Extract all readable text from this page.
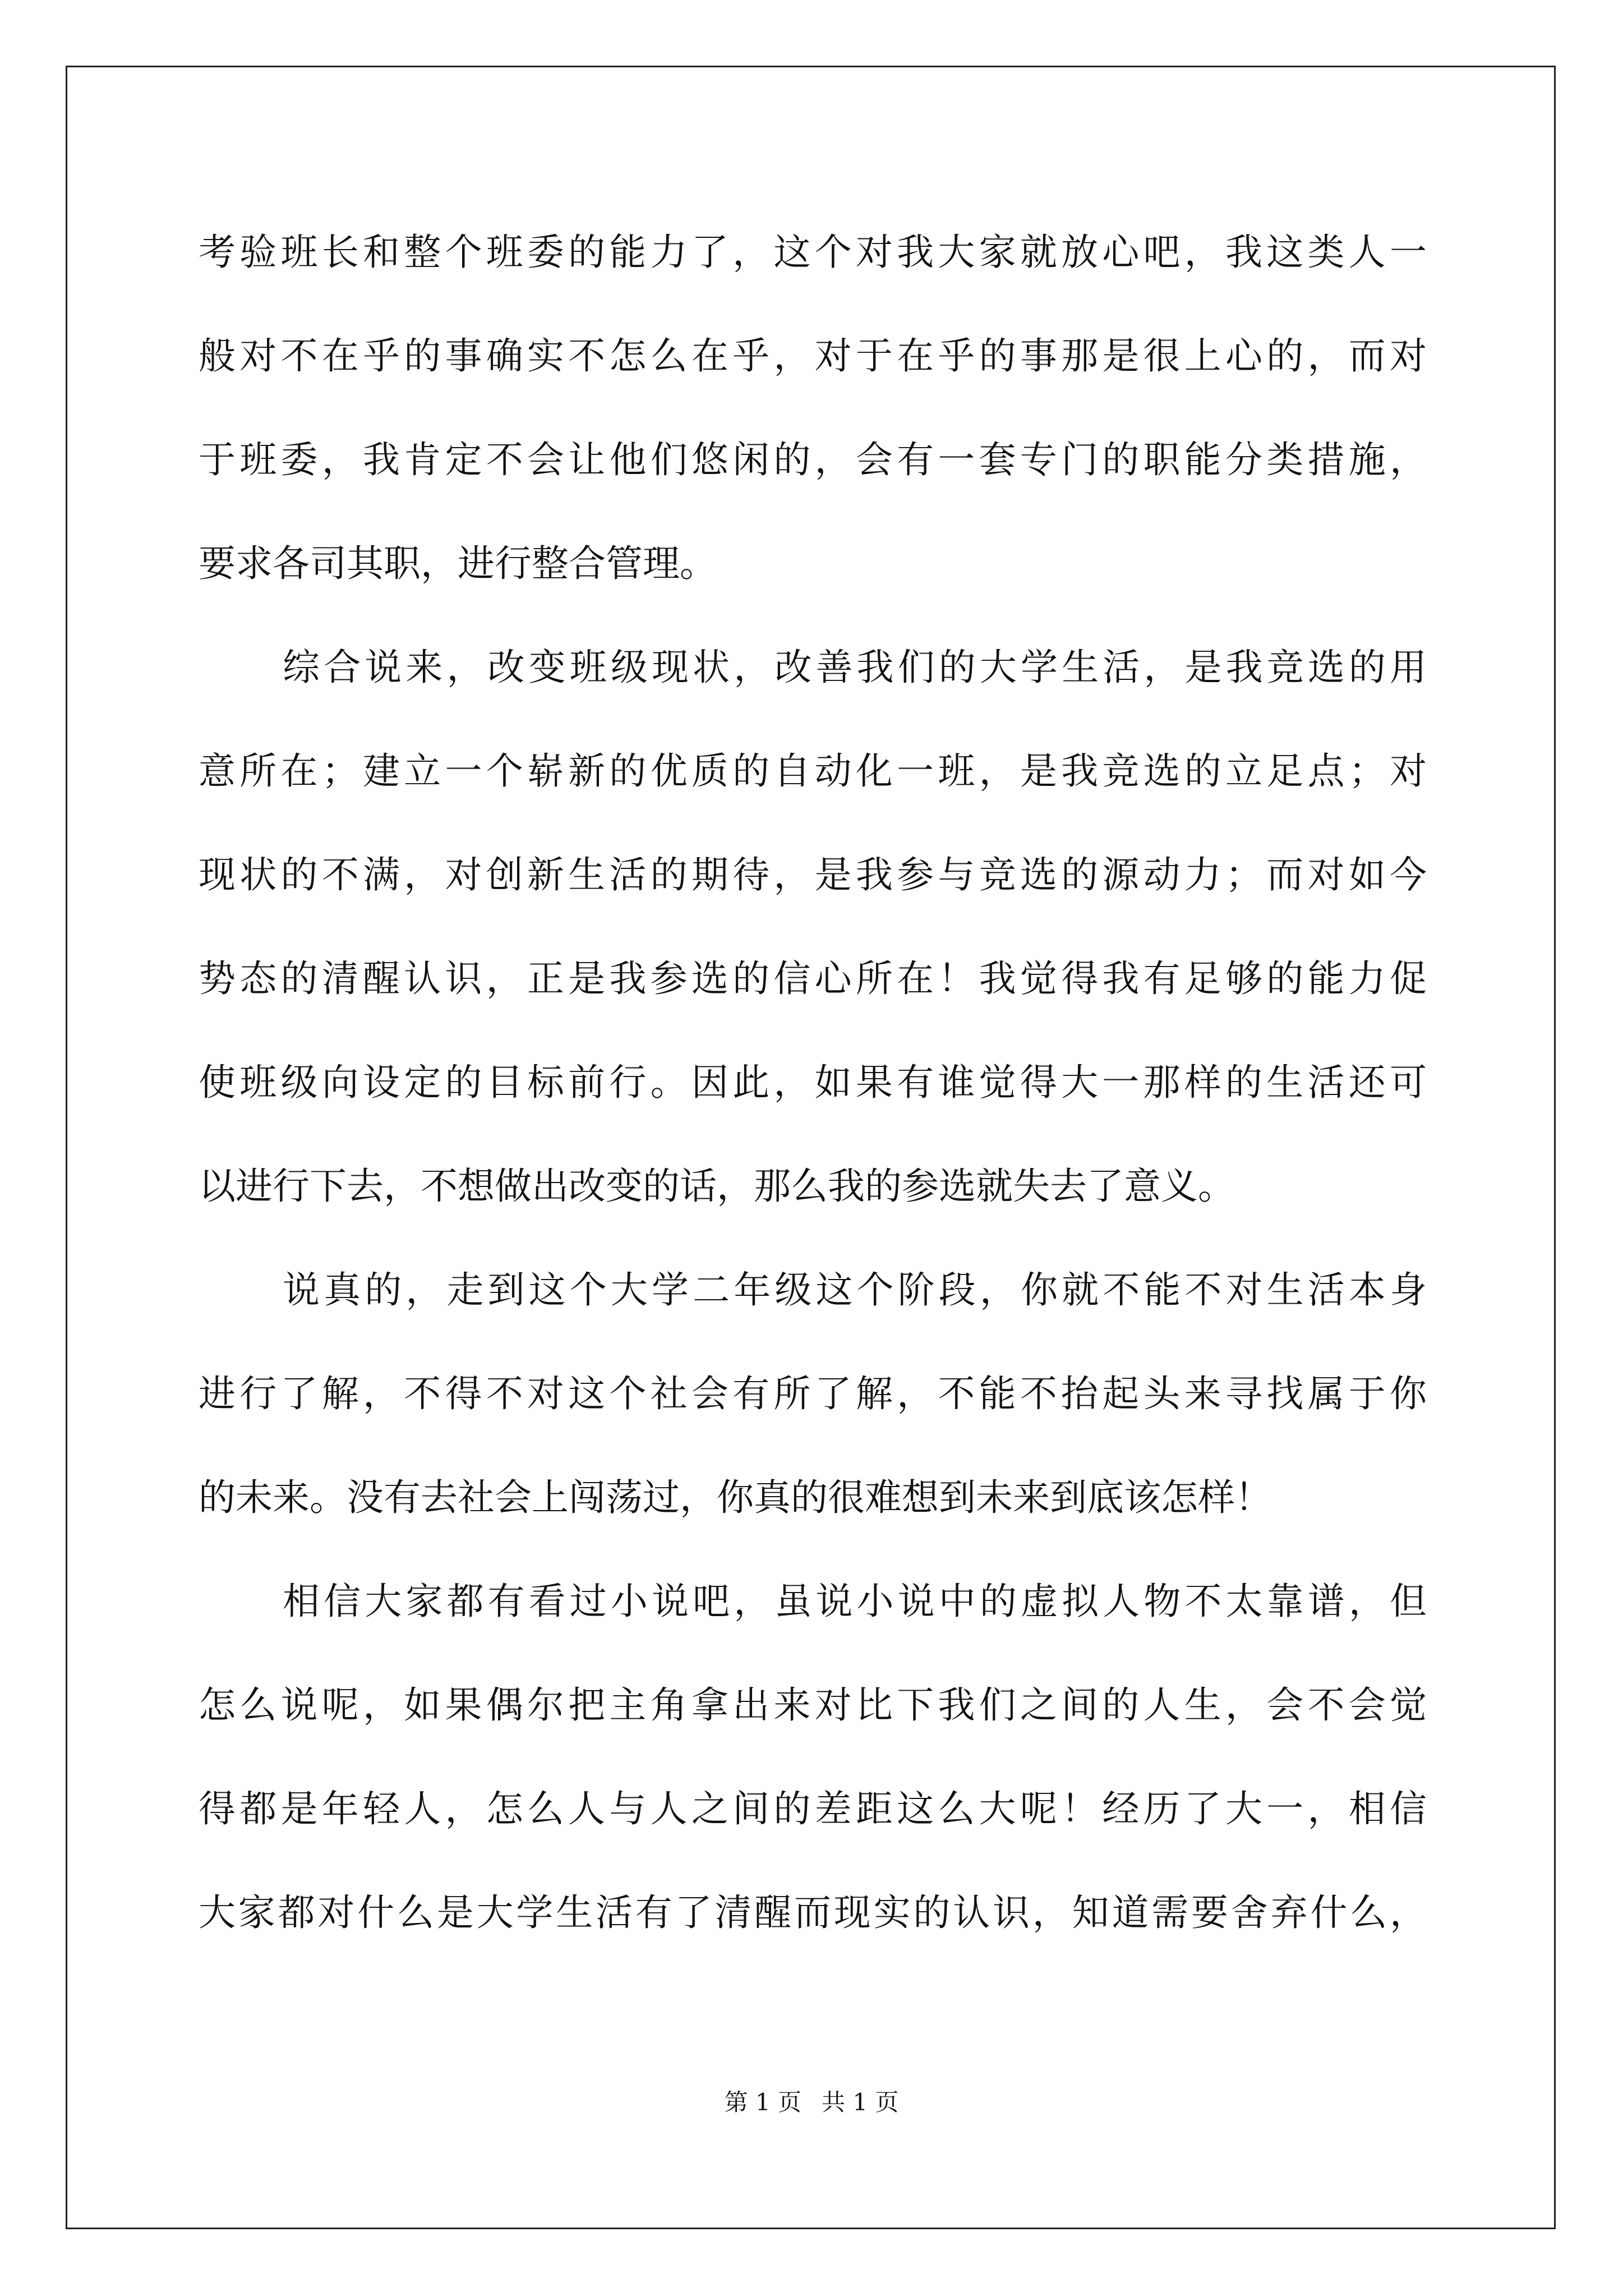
考验班长和整个班委的能力了，这个对我大家就放心吧，我这类人一
般对不在乎的事确实不怎么在乎，对于在乎的事那是很上心的，而对
于班委，我肯定不会让他们悠闲的，会有一套专门的职能分类措施，
要求各司其职，进行整合管理。
综合说来，改变班级现状，改善我们的大学生活，是我竞选的用
意所在；建立一个崭新的优质的自动化一班，是我竞选的立足点；对
现状的不满，对创新生活的期待，是我参与竞选的源动力；而对如今
势态的清醒认识，正是我参选的信心所在！我觉得我有足够的能力促
使班级向设定的目标前行。因此，如果有谁觉得大一那样的生活还可
以进行下去，不想做出改变的话，那么我的参选就失去了意义。
说真的，走到这个大学二年级这个阶段，你就不能不对生活本身
进行了解，不得不对这个社会有所了解，不能不抬起头来寻找属于你
的未来。没有去社会上闯荡过，你真的很难想到未来到底该怎样！
相信大家都有看过小说吧，虽说小说中的虚拟人物不太靠谱，但
怎么说呢，如果偶尔把主角拿出来对比下我们之间的人生，会不会觉
得都是年轻人，怎么人与人之间的差距这么大呢！经历了大一，相信
大家都对什么是大学生活有了清醒而现实的认识，知道需要舍弃什么，
第 1 页 共 1 页
